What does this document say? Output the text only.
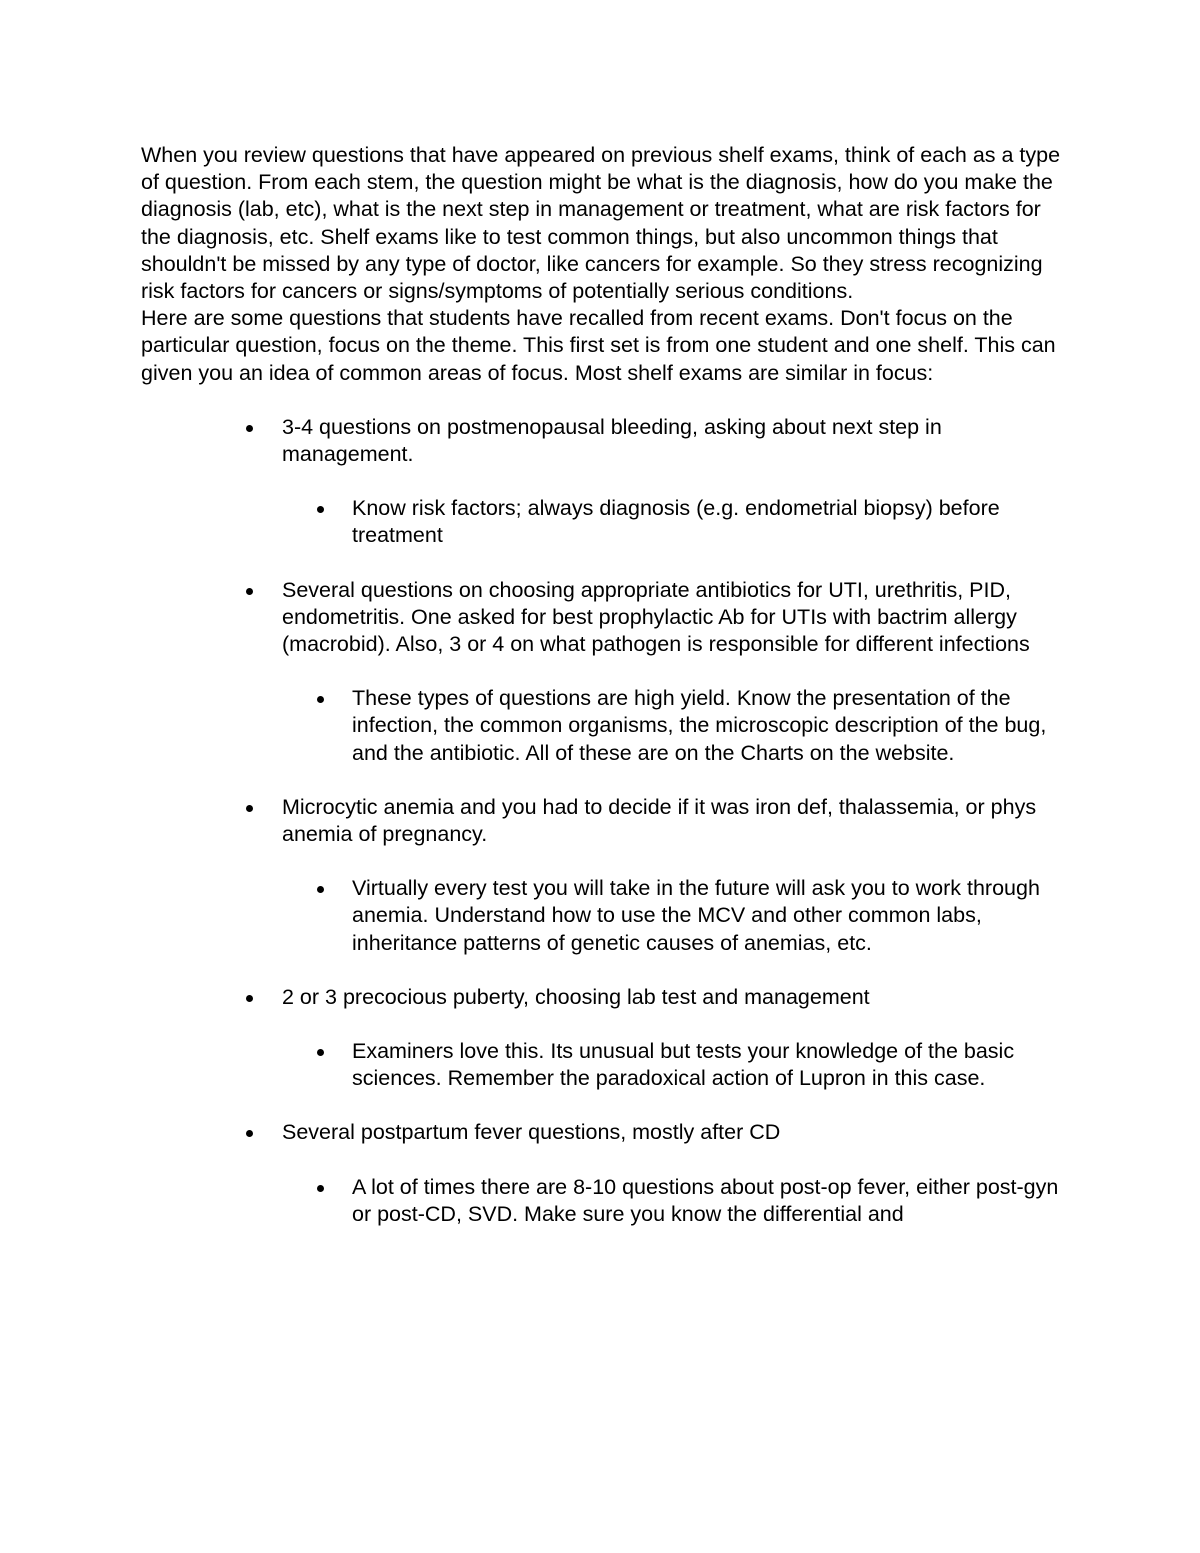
When you review questions that have appeared on previous shelf exams, think of each as a type of question. From each stem, the question might be what is the diagnosis, how do you make the diagnosis (lab, etc), what is the next step in management or treatment, what are risk factors for the diagnosis, etc. Shelf exams like to test common things, but also uncommon things that shouldn't be missed by any type of doctor, like cancers for example. So they stress recognizing risk factors for cancers or signs/symptoms of potentially serious conditions.

Here are some questions that students have recalled from recent exams. Don't focus on the particular question, focus on the theme. This first set is from one student and one shelf. This can given you an idea of common areas of focus. Most shelf exams are similar in focus:

3-4 questions on postmenopausal bleeding, asking about next step in management.
Know risk factors; always diagnosis (e.g. endometrial biopsy) before treatment
Several questions on choosing appropriate antibiotics for UTI, urethritis, PID, endometritis. One asked for best prophylactic Ab for UTIs with bactrim allergy (macrobid). Also, 3 or 4 on what pathogen is responsible for different infections
These types of questions are high yield. Know the presentation of the infection, the common organisms, the microscopic description of the bug, and the antibiotic. All of these are on the Charts on the website.
Microcytic anemia and you had to decide if it was iron def, thalassemia, or phys anemia of pregnancy.
Virtually every test you will take in the future will ask you to work through anemia. Understand how to use the MCV and other common labs, inheritance patterns of genetic causes of anemias, etc.
2 or 3 precocious puberty, choosing lab test and management
Examiners love this. Its unusual but tests your knowledge of the basic sciences. Remember the paradoxical action of Lupron in this case.
Several postpartum fever questions, mostly after CD
A lot of times there are 8-10 questions about post-op fever, either post-gyn or post-CD, SVD. Make sure you know the differential and
